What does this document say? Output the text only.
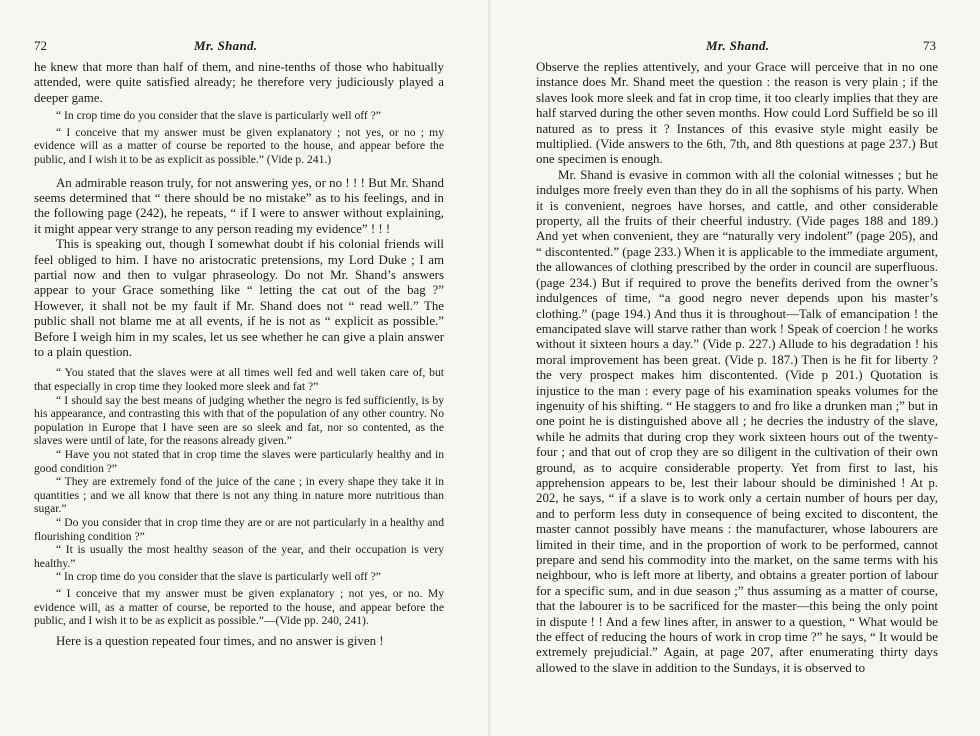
72	Mr. Shand.

he knew that more than half of them, and nine-tenths of those who habitually attended, were quite satisfied already; he therefore very judiciously played a deeper game.

“ In crop time do you consider that the slave is particularly well off ?”

“ I conceive that my answer must be given explanatory ; not yes, or no ; my evidence will as a matter of course be reported to the house, and appear before the public, and I wish it to be as explicit as possible.” (Vide p. 241.)

An admirable reason truly, for not answering yes, or no ! ! ! But Mr. Shand seems determined that “ there should be no mistake” as to his feelings, and in the following page (242), he repeats, “ if I were to answer without explaining, it might appear very strange to any person reading my evidence” ! ! !

This is speaking out, though I somewhat doubt if his colonial friends will feel obliged to him. I have no aristocratic pretensions, my Lord Duke ; I am partial now and then to vulgar phraseology. Do not Mr. Shand’s answers appear to your Grace something like “ letting the cat out of the bag ?” However, it shall not be my fault if Mr. Shand does not “ read well.” The public shall not blame me at all events, if he is not as “ explicit as possible.” Before I weigh him in my scales, let us see whether he can give a plain answer to a plain question.

“ You stated that the slaves were at all times well fed and well taken care of, but that especially in crop time they looked more sleek and fat ?”

“ I should say the best means of judging whether the negro is fed sufficiently, is by his appearance, and contrasting this with that of the population of any other country. No population in Europe that I have seen are so sleek and fat, nor so contented, as the slaves were until of late, for the reasons already given.”

“ Have you not stated that in crop time the slaves were particularly healthy and in good condition ?”

“ They are extremely fond of the juice of the cane ; in every shape they take it in quantities ; and we all know that there is not any thing in nature more nutritious than sugar.”

“ Do you consider that in crop time they are or are not particularly in a healthy and flourishing condition ?”

“ It is usually the most healthy season of the year, and their occupation is very healthy.”

“ In crop time do you consider that the slave is particularly well off ?”

“ I conceive that my answer must be given explanatory ; not yes, or no. My evidence will, as a matter of course, be reported to the house, and appear before the public, and I wish it to be as explicit as possible.”—(Vide pp. 240, 241).

Here is a question repeated four times, and no answer is given !

Mr. Shand.	73

Observe the replies attentively, and your Grace will perceive that in no one instance does Mr. Shand meet the question : the reason is very plain ; if the slaves look more sleek and fat in crop time, it too clearly implies that they are half starved during the other seven months. How could Lord Suffield be so ill natured as to press it ? Instances of this evasive style might easily be multiplied. (Vide answers to the 6th, 7th, and 8th questions at page 237.) But one specimen is enough.

Mr. Shand is evasive in common with all the colonial witnesses ; but he indulges more freely even than they do in all the sophisms of his party. When it is convenient, negroes have horses, and cattle, and other considerable property, all the fruits of their cheerful industry. (Vide pages 188 and 189.) And yet when convenient, they are “naturally very indolent” (page 205), and “ discontented.” (page 233.) When it is applicable to the immediate argument, the allowances of clothing prescribed by the order in council are superfluous. (page 234.) But if required to prove the benefits derived from the owner’s indulgences of time, “a good negro never depends upon his master’s clothing.” (page 194.) And thus it is throughout—Talk of emancipation ! the emancipated slave will starve rather than work ! Speak of coercion ! he works without it sixteen hours a day.” (Vide p. 227.) Allude to his degradation ! his moral improvement has been great. (Vide p. 187.) Then is he fit for liberty ? the very prospect makes him discontented. (Vide p 201.) Quotation is injustice to the man : every page of his examination speaks volumes for the ingenuity of his shifting. “ He staggers to and fro like a drunken man ;” but in one point he is distinguished above all ; he decries the industry of the slave, while he admits that during crop they work sixteen hours out of the twenty-four ; and that out of crop they are so diligent in the cultivation of their own ground, as to acquire considerable property. Yet from first to last, his apprehension appears to be, lest their labour should be diminished ! At p. 202, he says, “ if a slave is to work only a certain number of hours per day, and to perform less duty in consequence of being excited to discontent, the master cannot possibly have means : the manufacturer, whose labourers are limited in their time, and in the proportion of work to be performed, cannot prepare and send his commodity into the market, on the same terms with his neighbour, who is left more at liberty, and obtains a greater portion of labour for a specific sum, and in due season ;” thus assuming as a matter of course, that the labourer is to be sacrificed for the master—this being the only point in dispute ! ! And a few lines after, in answer to a question, “ What would be the effect of reducing the hours of work in crop time ?” he says, “ It would be extremely prejudicial.” Again, at page 207, after enumerating thirty days allowed to the slave in addition to the Sundays, it is observed to
